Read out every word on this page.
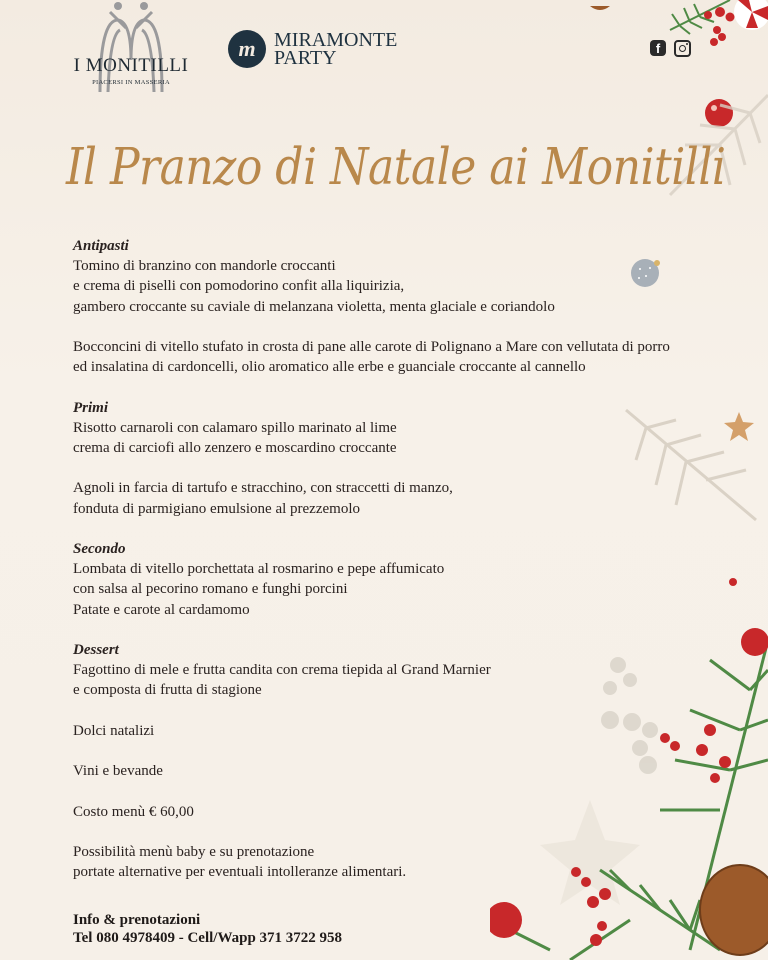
I MONITILLI
PIACERSI IN MASSERIA
m MIRAMONTE
PARTY	f
Il Pranzo di Natale ai Monitilli
Antipasti
Tomino di branzino con mandorle croccanti
e crema di piselli con pomodorino confit alla liquirizia,
gambero croccante su caviale di melanzana violetta, menta glaciale e coriandolo
Bocconcini di vitello stufato in crosta di pane alle carote di Polignano a Mare con vellutata di porro
ed insalatina di cardoncelli, olio aromatico alle erbe e guanciale croccante al cannello
Primi
Risotto carnaroli con calamaro spillo marinato al lime
crema di carciofi allo zenzero e moscardino croccante
Agnoli in farcia di tartufo e stracchino, con straccetti di manzo,
fonduta di parmigiano emulsione al prezzemolo
Secondo
Lombata di vitello porchettata al rosmarino e pepe affumicato
con salsa al pecorino romano e funghi porcini
Patate e carote al cardamomo
Dessert
Fagottino di mele e frutta candita con crema tiepida al Grand Marnier
e composta di frutta di stagione
Dolci natalizi
Vini e bevande
Costo menù € 60,00
Possibilità menù baby e su prenotazione
portate alternative per eventuali intolleranze alimentari.
Info & prenotazioni
Tel 080 4978409 - Cell/Wapp 371 3722 958
